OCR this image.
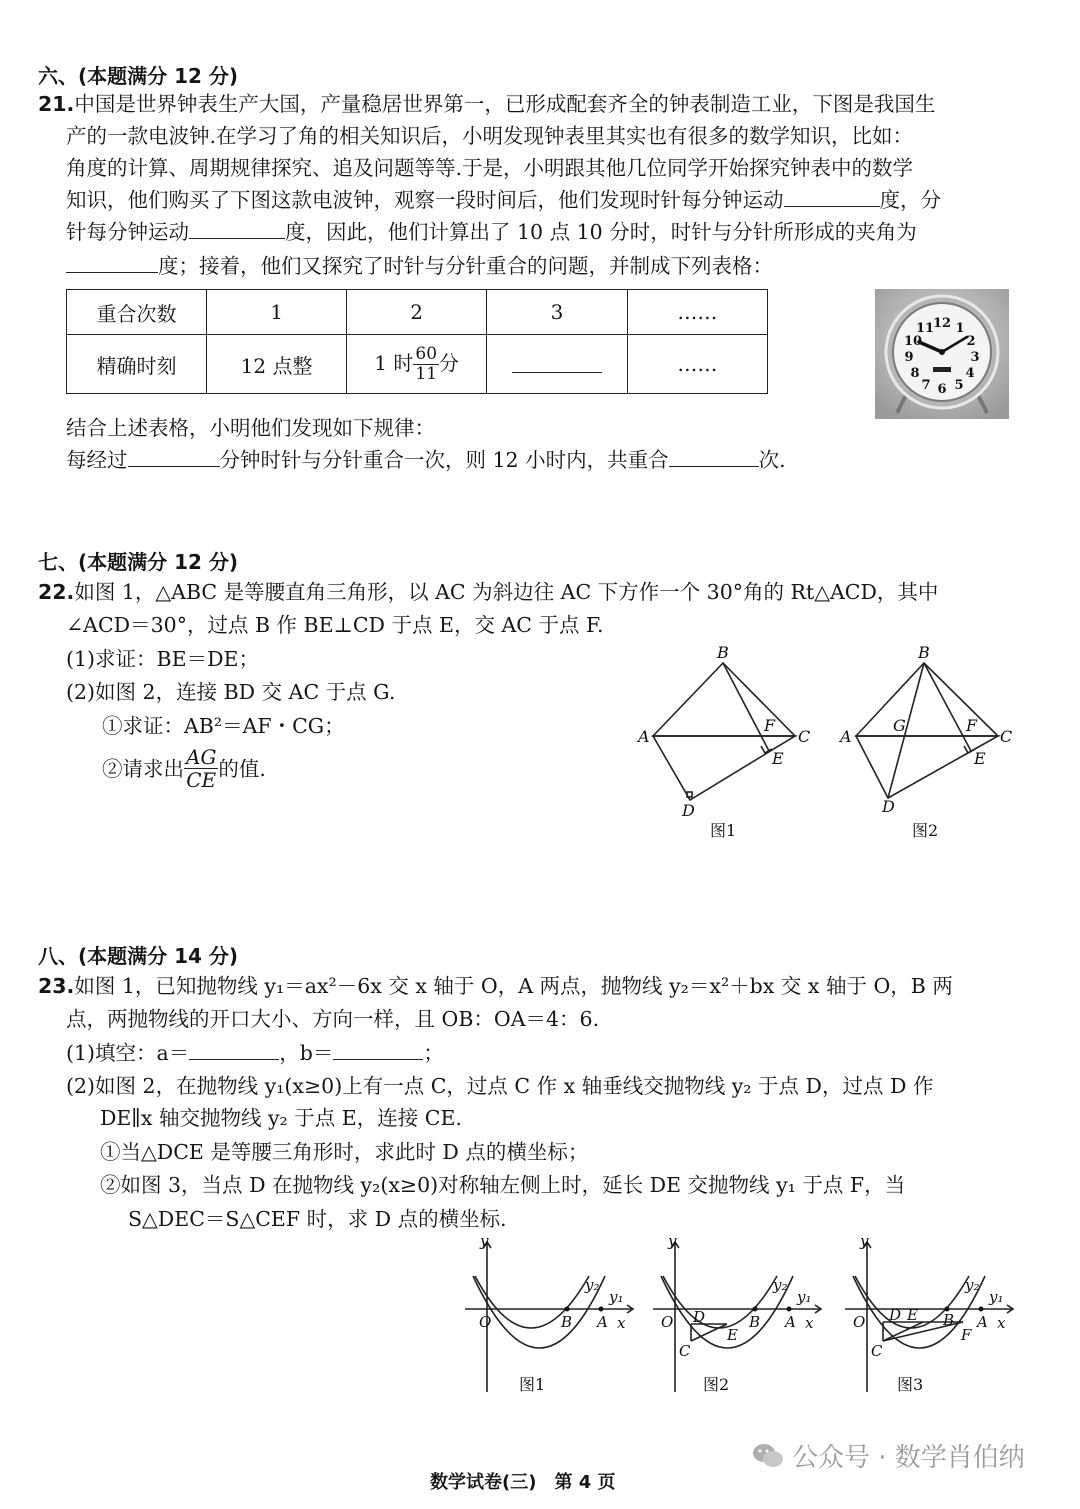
六、(本题满分 12 分)
21.中国是世界钟表生产大国，产量稳居世界第一，已形成配套齐全的钟表制造工业，下图是我国生
产的一款电波钟.在学习了角的相关知识后，小明发现钟表里其实也有很多的数学知识，比如：
角度的计算、周期规律探究、追及问题等等.于是，小明跟其他几位同学开始探究钟表中的数学
知识，他们购买了下图这款电波钟，观察一段时间后，他们发现时针每分钟运动	度，分
针每分钟运动	度，因此，他们计算出了 10 点 10 分时，时针与分针所形成的夹角为
度；接着，他们又探究了时针与分针重合的问题，并制成下列表格：
重合次数	1	2	3	……
精确时刻	12 点整	1 时 $\frac{60}{11}$ 分		……
12 1
2
3
4
5
6
7
8
9
10
11
结合上述表格，小明他们发现如下规律：
每经过	分钟时针与分针重合一次，则 12 小时内，共重合	次.
七、(本题满分 12 分)
22.如图 1，△ABC 是等腰直角三角形，以 AC 为斜边往 AC 下方作一个 30°角的 Rt△ACD，其中
∠ACD＝30°，过点 B 作 BE⊥CD 于点 E，交 AC 于点 F.
(1)求证：BE＝DE；
(2)如图 2，连接 BD 交 AC 于点 G.
①求证：AB²＝AF・CG；
②请求出 $\frac{AG}{CE}$ 的值.
A
B
C
D
E
F
图1
A
B
C
D
E
F
G
图2
八、(本题满分 14 分)
23.如图 1，已知抛物线 y₁＝ax²－6x 交 x 轴于 O，A 两点，抛物线 y₂＝x²＋bx 交 x 轴于 O，B 两
点，两抛物线的开口大小、方向一样，且 OB：OA＝4：6.
(1)填空：a＝	，b＝	；
(2)如图 2，在抛物线 y₁(x≥0)上有一点 C，过点 C 作 x 轴垂线交抛物线 y₂ 于点 D，过点 D 作
DE∥x 轴交抛物线 y₂ 于点 E，连接 CE.
①当△DCE 是等腰三角形时，求此时 D 点的横坐标；
②如图 3，当点 D 在抛物线 y₂(x≥0)对称轴左侧上时，延长 DE 交抛物线 y₁ 于点 F，当
S△DEC＝S△CEF 时，求 D 点的横坐标.
y
x
O	B A
y₂
y₁
图1
y
x
O	B A
y₂
y₁
D
E
C
图2
y
x
O	B A
y₂
y₁
D E
C
F
图3
公众号 · 数学肖伯纳
数学试卷(三)　第 4 页
